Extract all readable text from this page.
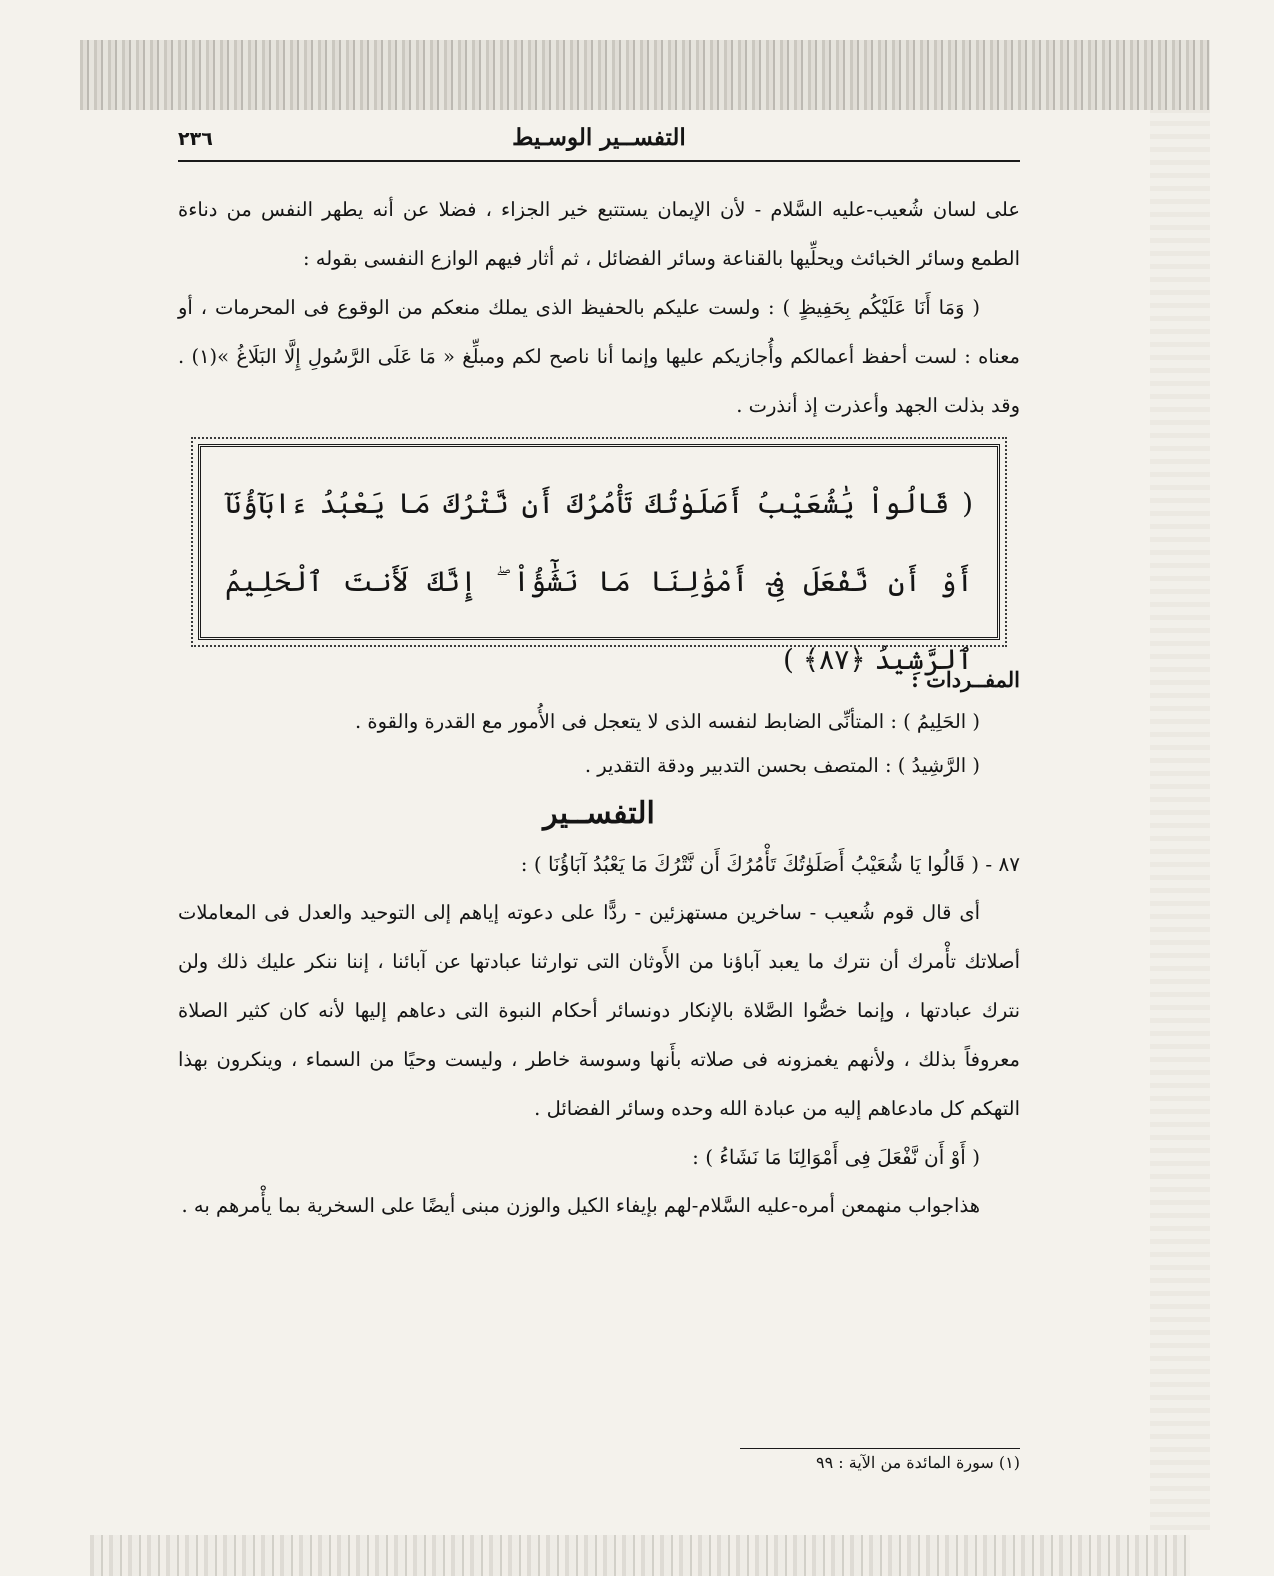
٢٣٦	التفســير الوسـيط

على لسان شُعيب-عليه السَّلام - لأن الإيمان يستتبع خير الجزاء ، فضلا عن أنه يطهر النفس من دناءة الطمع وسائر الخبائث ويحلِّيها بالقناعة وسائر الفضائل ، ثم أثار فيهم الوازع النفسى بقوله :

( وَمَا أَنَا عَلَيْكُم بِحَفِيظٍ ) : ولست عليكم بالحفيظ الذى يملك منعكم من الوقوع فى المحرمات ، أو معناه : لست أحفظ أعمالكم وأُجازيكم عليها وإنما أنا ناصح لكم ومبلِّغ « مَا عَلَى الرَّسُولِ إِلَّا البَلَاغُ »(١) . وقد بذلت الجهد وأعذرت إذ أنذرت .

( قَالُواْ يَٰشُعَيْبُ أَصَلَوٰتُكَ تَأْمُرُكَ أَن نَّتْرُكَ مَا يَعْبُدُ ءَابَآؤُنَآ أَوْ أَن نَّفْعَلَ فِىٓ أَمْوَٰلِنَا مَا نَشَٰٓؤُاْ ۖ إِنَّكَ لَأَنتَ ٱلْحَلِيمُ ٱلرَّشِيدُ ﴿٨٧﴾ )
المفــردات :

( الحَلِيمُ ) : المتأنِّى الضابط لنفسه الذى لا يتعجل فى الأُمور مع القدرة والقوة .

( الرَّشِيدُ ) : المتصف بحسن التدبير ودقة التقدير .

التفســير

٨٧ - ( قَالُوا يَا شُعَيْبُ أَصَلَوٰتُكَ تَأْمُرُكَ أَن نَّتْرُكَ مَا يَعْبُدُ آبَاؤُنَا ) :

أى قال قوم شُعيب - ساخرين مستهزئين - ردًّا على دعوته إياهم إلى التوحيد والعدل فى المعاملات أصلاتك تأْمرك أن نترك ما يعبد آباؤنا من الأَوثان التى توارثنا عبادتها عن آبائنا ، إننا ننكر عليك ذلك ولن نترك عبادتها ، وإنما خصُّوا الصَّلاة بالإنكار دونسائر أحكام النبوة التى دعاهم إليها لأنه كان كثير الصلاة معروفاً بذلك ، ولأنهم يغمزونه فى صلاته بأَنها وسوسة خاطر ، وليست وحيًا من السماء ، وينكرون بهذا التهكم كل مادعاهم إليه من عبادة الله وحده وسائر الفضائل .

( أَوْ أَن نَّفْعَلَ فِى أَمْوَالِنَا مَا نَشَاءُ ) :

هذاجواب منهمعن أمره-عليه السَّلام-لهم بإيفاء الكيل والوزن مبنى أيضًا على السخرية بما يأْمرهم به .

(١) سورة المائدة من الآية : ٩٩
